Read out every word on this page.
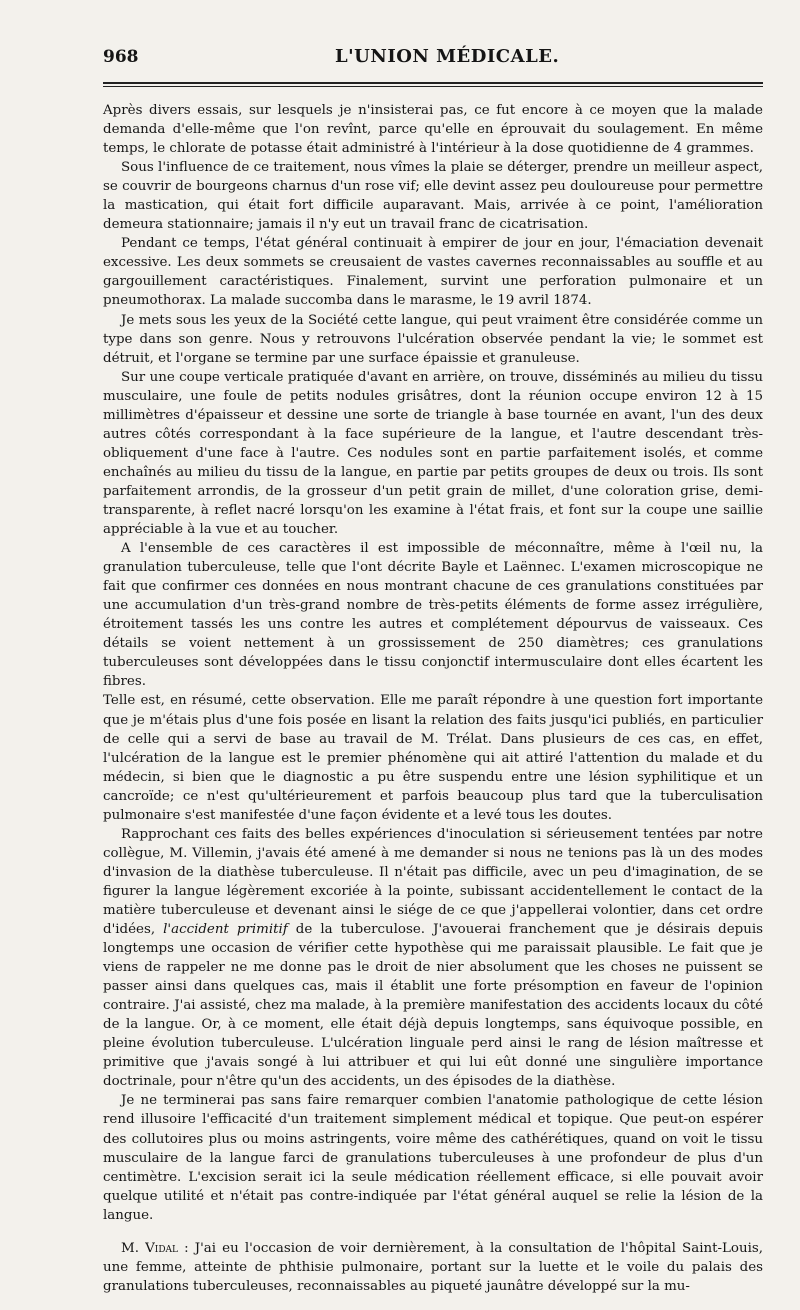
968	L'UNION MÉDICALE.

Après divers essais, sur lesquels je n'insisterai pas, ce fut encore à ce moyen que la malade demanda d'elle-même que l'on revînt, parce qu'elle en éprouvait du soulagement. En même temps, le chlorate de potasse était administré à l'intérieur à la dose quotidienne de 4 grammes.

Sous l'influence de ce traitement, nous vîmes la plaie se déterger, prendre un meilleur aspect, se couvrir de bourgeons charnus d'un rose vif; elle devint assez peu douloureuse pour permettre la mastication, qui était fort difficile auparavant. Mais, arrivée à ce point, l'amélioration demeura stationnaire; jamais il n'y eut un travail franc de cicatrisation.

Pendant ce temps, l'état général continuait à empirer de jour en jour, l'émaciation devenait excessive. Les deux sommets se creusaient de vastes cavernes reconnaissables au souffle et au gargouillement caractéristiques. Finalement, survint une perforation pulmonaire et un pneumothorax. La malade succomba dans le marasme, le 19 avril 1874.

Je mets sous les yeux de la Société cette langue, qui peut vraiment être considérée comme un type dans son genre. Nous y retrouvons l'ulcération observée pendant la vie; le sommet est détruit, et l'organe se termine par une surface épaissie et granuleuse.

Sur une coupe verticale pratiquée d'avant en arrière, on trouve, disséminés au milieu du tissu musculaire, une foule de petits nodules grisâtres, dont la réunion occupe environ 12 à 15 millimètres d'épaisseur et dessine une sorte de triangle à base tournée en avant, l'un des deux autres côtés correspondant à la face supérieure de la langue, et l'autre descendant très-obliquement d'une face à l'autre. Ces nodules sont en partie parfaitement isolés, et comme enchaînés au milieu du tissu de la langue, en partie par petits groupes de deux ou trois. Ils sont parfaitement arrondis, de la grosseur d'un petit grain de millet, d'une coloration grise, demi-transparente, à reflet nacré lorsqu'on les examine à l'état frais, et font sur la coupe une saillie appréciable à la vue et au toucher.

A l'ensemble de ces caractères il est impossible de méconnaître, même à l'œil nu, la granulation tuberculeuse, telle que l'ont décrite Bayle et Laënnec. L'examen microscopique ne fait que confirmer ces données en nous montrant chacune de ces granulations constituées par une accumulation d'un très-grand nombre de très-petits éléments de forme assez irrégulière, étroitement tassés les uns contre les autres et complétement dépourvus de vaisseaux. Ces détails se voient nettement à un grossissement de 250 diamètres; ces granulations tuberculeuses sont développées dans le tissu conjonctif intermusculaire dont elles écartent les fibres.

Telle est, en résumé, cette observation. Elle me paraît répondre à une question fort importante que je m'étais plus d'une fois posée en lisant la relation des faits jusqu'ici publiés, en particulier de celle qui a servi de base au travail de M. Trélat. Dans plusieurs de ces cas, en effet, l'ulcération de la langue est le premier phénomène qui ait attiré l'attention du malade et du médecin, si bien que le diagnostic a pu être suspendu entre une lésion syphilitique et un cancroïde; ce n'est qu'ultérieurement et parfois beaucoup plus tard que la tuberculisation pulmonaire s'est manifestée d'une façon évidente et a levé tous les doutes.

Rapprochant ces faits des belles expériences d'inoculation si sérieusement tentées par notre collègue, M. Villemin, j'avais été amené à me demander si nous ne tenions pas là un des modes d'invasion de la diathèse tuberculeuse. Il n'était pas difficile, avec un peu d'imagination, de se figurer la langue légèrement excoriée à la pointe, subissant accidentellement le contact de la matière tuberculeuse et devenant ainsi le siége de ce que j'appellerai volontier, dans cet ordre d'idées, l'accident primitif de la tuberculose. J'avouerai franchement que je désirais depuis longtemps une occasion de vérifier cette hypothèse qui me paraissait plausible. Le fait que je viens de rappeler ne me donne pas le droit de nier absolument que les choses ne puissent se passer ainsi dans quelques cas, mais il établit une forte présomption en faveur de l'opinion contraire. J'ai assisté, chez ma malade, à la première manifestation des accidents locaux du côté de la langue. Or, à ce moment, elle était déjà depuis longtemps, sans équivoque possible, en pleine évolution tuberculeuse. L'ulcération linguale perd ainsi le rang de lésion maîtresse et primitive que j'avais songé à lui attribuer et qui lui eût donné une singulière importance doctrinale, pour n'être qu'un des accidents, un des épisodes de la diathèse.

Je ne terminerai pas sans faire remarquer combien l'anatomie pathologique de cette lésion rend illusoire l'efficacité d'un traitement simplement médical et topique. Que peut-on espérer des collutoires plus ou moins astringents, voire même des cathérétiques, quand on voit le tissu musculaire de la langue farci de granulations tuberculeuses à une profondeur de plus d'un centimètre. L'excision serait ici la seule médication réellement efficace, si elle pouvait avoir quelque utilité et n'était pas contre-indiquée par l'état général auquel se relie la lésion de la langue.

M. Vidal : J'ai eu l'occasion de voir dernièrement, à la consultation de l'hôpital Saint-Louis, une femme, atteinte de phthisie pulmonaire, portant sur la luette et le voile du palais des granulations tuberculeuses, reconnaissables au piqueté jaunâtre développé sur la mu-
